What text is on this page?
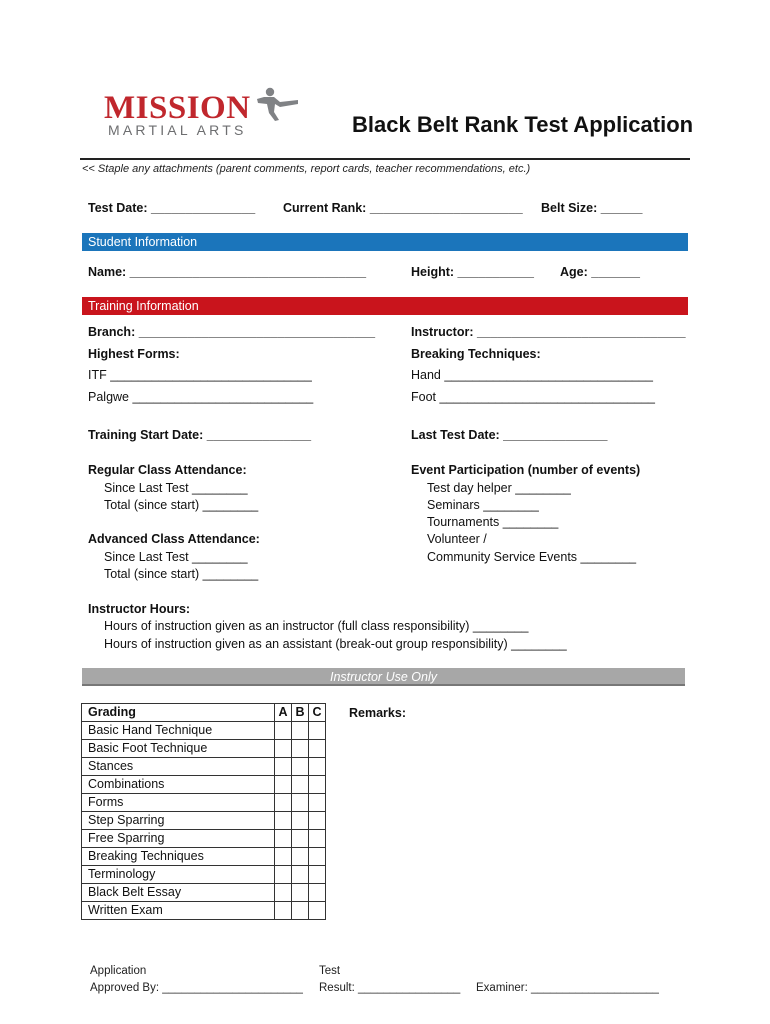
MISSION
MARTIAL ARTS	Black Belt Rank Test Application
<< Staple any attachments (parent comments, report cards, teacher recommendations, etc.)
Test Date: _______________ Current Rank: ______________________ Belt Size: ______
Student Information
Name: __________________________________	Height: ___________ Age: _______
Training Information
Branch: __________________________________	Instructor: ______________________________
Highest Forms:	Breaking Techniques:
ITF _____________________________	Hand ______________________________
Palgwe __________________________	Foot _______________________________
Training Start Date: _______________	Last Test Date: _______________
Regular Class Attendance:
Since Last Test ________
Total (since start) ________
Event Participation (number of events)
Test day helper ________
Seminars ________
Tournaments ________
Volunteer /
Community Service Events ________
Advanced Class Attendance:
Since Last Test ________
Total (since start) ________
Instructor Hours:
Hours of instruction given as an instructor (full class responsibility) ________
Hours of instruction given as an assistant (break-out group responsibility) ________
Instructor Use Only
Grading	A	B	C
Basic Hand Technique			
Basic Foot Technique			
Stances			
Combinations			
Forms			
Step Sparring			
Free Sparring			
Breaking Techniques			
Terminology			
Black Belt Essay			
Written Exam			
Remarks:
Application
Approved By: ______________________
Test
Result: ________________ Examiner: ____________________
